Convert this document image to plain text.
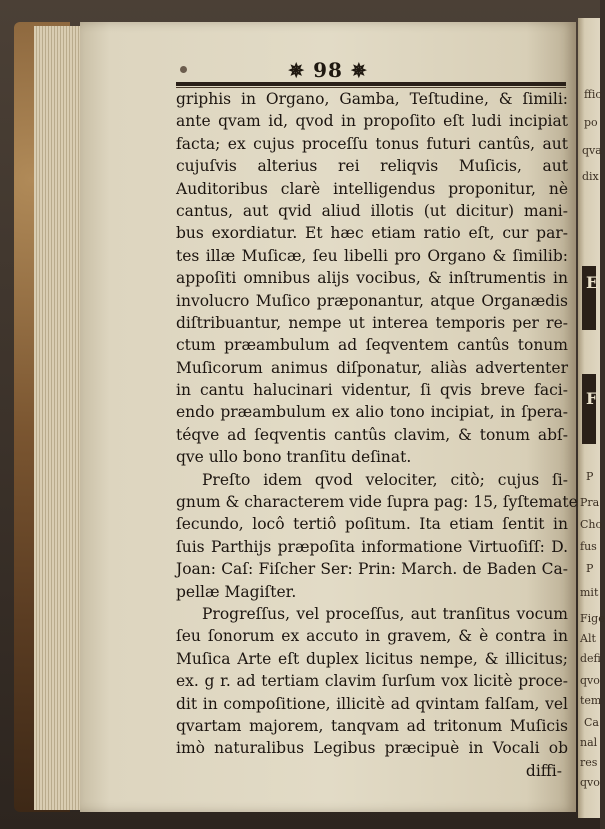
ffic
po
qva
dix
E
F
P
Pra
Cho
fus
P
mit
Fige
Alt
defi
qvo
tem
Ca
nal
res
qvo
✵ 98 ✵
griphis in Organo, Gamba, Teſtudine, & ſimili:
ante qvam id, qvod in propoſito eſt ludi incipiat
facta; ex cujus proceſſu tonus futuri cantûs, aut
cujuſvis alterius rei reliqvis Muſicis, aut
Auditoribus clarè intelligendus proponitur, nè
cantus, aut qvid aliud illotis (ut dicitur) mani-
bus exordiatur. Et hæc etiam ratio eſt, cur par-
tes illæ Muſicæ, ſeu libelli pro Organo & ſimilib:
appoſiti omnibus alijs vocibus, & inſtrumentis in
involucro Muſico præponantur, atque Organædis
diſtribuantur, nempe ut interea temporis per re-
ctum præambulum ad ſeqventem cantûs tonum
Muſicorum animus diſponatur, aliàs advertenter
in cantu halucinari videntur, ſi qvis breve faci-
endo præambulum ex alio tono incipiat, in ſpera-
téqve ad ſeqventis cantûs clavim, & tonum abſ-
qve ullo bono tranſitu deſinat.
Preſto idem qvod velociter, citò; cujus ſi-
gnum & characterem vide ſupra pag: 15, ſyſtemate
ſecundo, locô tertiô poſitum. Ita etiam ſentit in
ſuis Parthijs præpoſita informatione Virtuoſiſſ: D.
Joan: Caſ: Fiſcher Ser: Prin: March. de Baden Ca-
pellæ Magiſter.
Progreſſus, vel proceſſus, aut tranſitus vocum
ſeu ſonorum ex accuto in gravem, & è contra in
Muſica Arte eſt duplex licitus nempe, & illicitus;
ex. g r. ad tertiam clavim ſurſum vox licitè proce-
dit in compoſitione, illicitè ad qvintam falſam, vel
qvartam majorem, tanqvam ad tritonum Muſicis
imò naturalibus Legibus præcipuè in Vocali ob
diffi-
